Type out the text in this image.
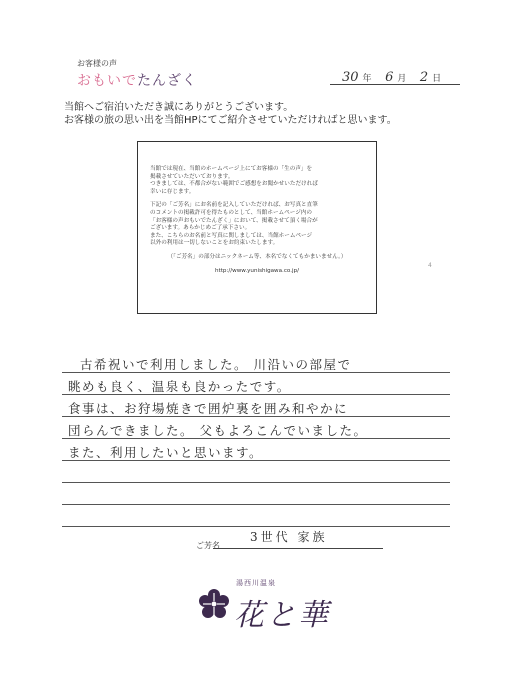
お客様の声
おもいでたんざく	30 年 6 月 2 日
当館へご宿泊いただき誠にありがとうございます。
お客様の旅の思い出を当館HPにてご紹介させていただければと思います。

当館では現在、当館のホームページ上にてお客様の「生の声」を

掲載させていただいております。

つきましては、不都合がない範囲でご感想をお聞かせいただければ

幸いに存じます。

下記の「ご芳名」にお名前を記入していただければ、お写真と直筆

のコメントの掲載許可を得たものとして、当館ホームページ内の

「お客様の声おもいでたんざく」において、掲載させて頂く場合が

ございます。あらかじめご了承下さい。

また、こちらのお名前と写真に関しましては、当館ホームページ

以外の利用は一切しないことをお約束いたします。

（「ご芳名」の部分はニックネーム等、本名でなくてもかまいません。）

http://www.yunishigawa.co.jp/

4
古希祝いで利用しました。 川沿いの部屋で
眺めも良く、温泉も良かったです。
食事は、お狩場焼きで囲炉裏を囲み和やかに
団らんできました。 父もよろこんでいました。
また、利用したいと思います。
ご芳名
3世代 家族
湯西川温泉
花と華
